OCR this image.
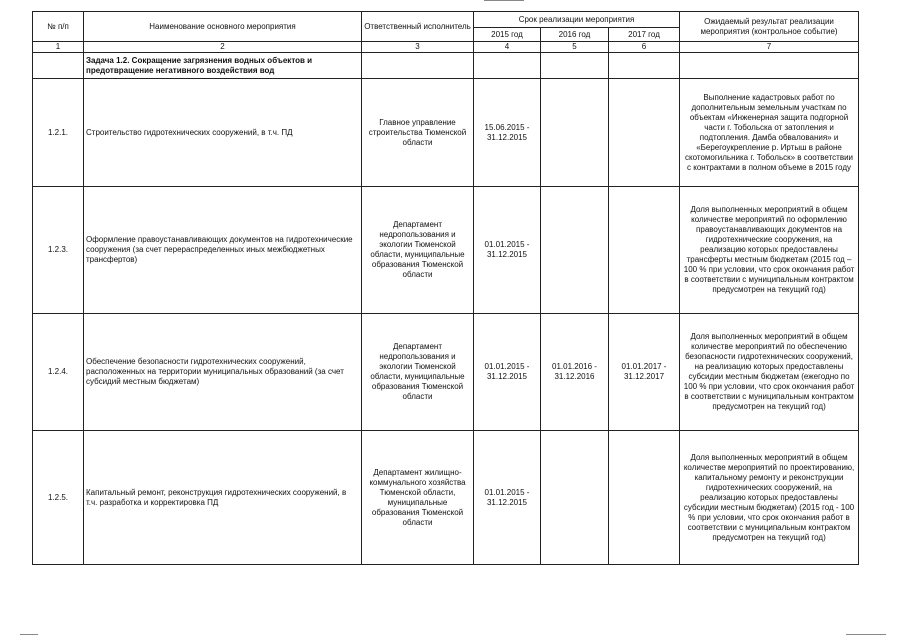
№ п/п	Наименование основного мероприятия	Ответственный исполнитель	Срок реализации мероприятия			Ожидаемый результат реализации мероприятия (контрольное событие)
			2015 год	2016 год	2017 год	
1	2	3	4	5	6	7
	Задача 1.2. Сокращение загрязнения водных объектов и предотвращение негативного воздействия вод					
1.2.1.	Строительство гидротехнических сооружений, в т.ч. ПД	Главное управление строительства Тюменской области	15.06.2015 - 31.12.2015			Выполнение кадастровых работ по дополнительным земельным участкам по объектам «Инженерная защита подгорной части г. Тобольска от затопления и подтопления. Дамба обвалования» и «Берегоукрепление р. Иртыш в районе скотомогильника г. Тобольск» в соответствии с контрактами в полном объеме в 2015 году
1.2.3.	Оформление правоустанавливающих документов на гидротехнические сооружения (за счет перераспределенных иных межбюджетных трансфертов)	Департамент недропользования и экологии Тюменской области, муниципальные образования Тюменской области	01.01.2015 - 31.12.2015			Доля выполненных мероприятий в общем количестве мероприятий по оформлению правоустанавливающих документов на гидротехнические сооружения, на реализацию которых предоставлены трансферты местным бюджетам (2015 год – 100 % при условии, что срок окончания работ в соответствии с муниципальным контрактом предусмотрен на текущий год)
1.2.4.	Обеспечение безопасности гидротехнических сооружений, расположенных на территории муниципальных образований (за счет субсидий местным бюджетам)	Департамент недропользования и экологии Тюменской области, муниципальные образования Тюменской области	01.01.2015 - 31.12.2015	01.01.2016 - 31.12.2016	01.01.2017 - 31.12.2017	Доля выполненных мероприятий в общем количестве мероприятий по обеспечению безопасности гидротехнических сооружений, на реализацию которых предоставлены субсидии местным бюджетам (ежегодно по 100 % при условии, что срок окончания работ в соответствии с муниципальным контрактом предусмотрен на текущий год)
1.2.5.	Капитальный ремонт, реконструкция гидротехнических сооружений, в т.ч. разработка и корректировка ПД	Департамент жилищно-коммунального хозяйства Тюменской области, муниципальные образования Тюменской области	01.01.2015 - 31.12.2015			Доля выполненных мероприятий в общем количестве мероприятий по проектированию, капитальному ремонту и реконструкции гидротехнических сооружений, на реализацию которых предоставлены субсидии местным бюджетам) (2015 год - 100 % при условии, что срок окончания работ в соответствии с муниципальным контрактом предусмотрен на текущий год)
